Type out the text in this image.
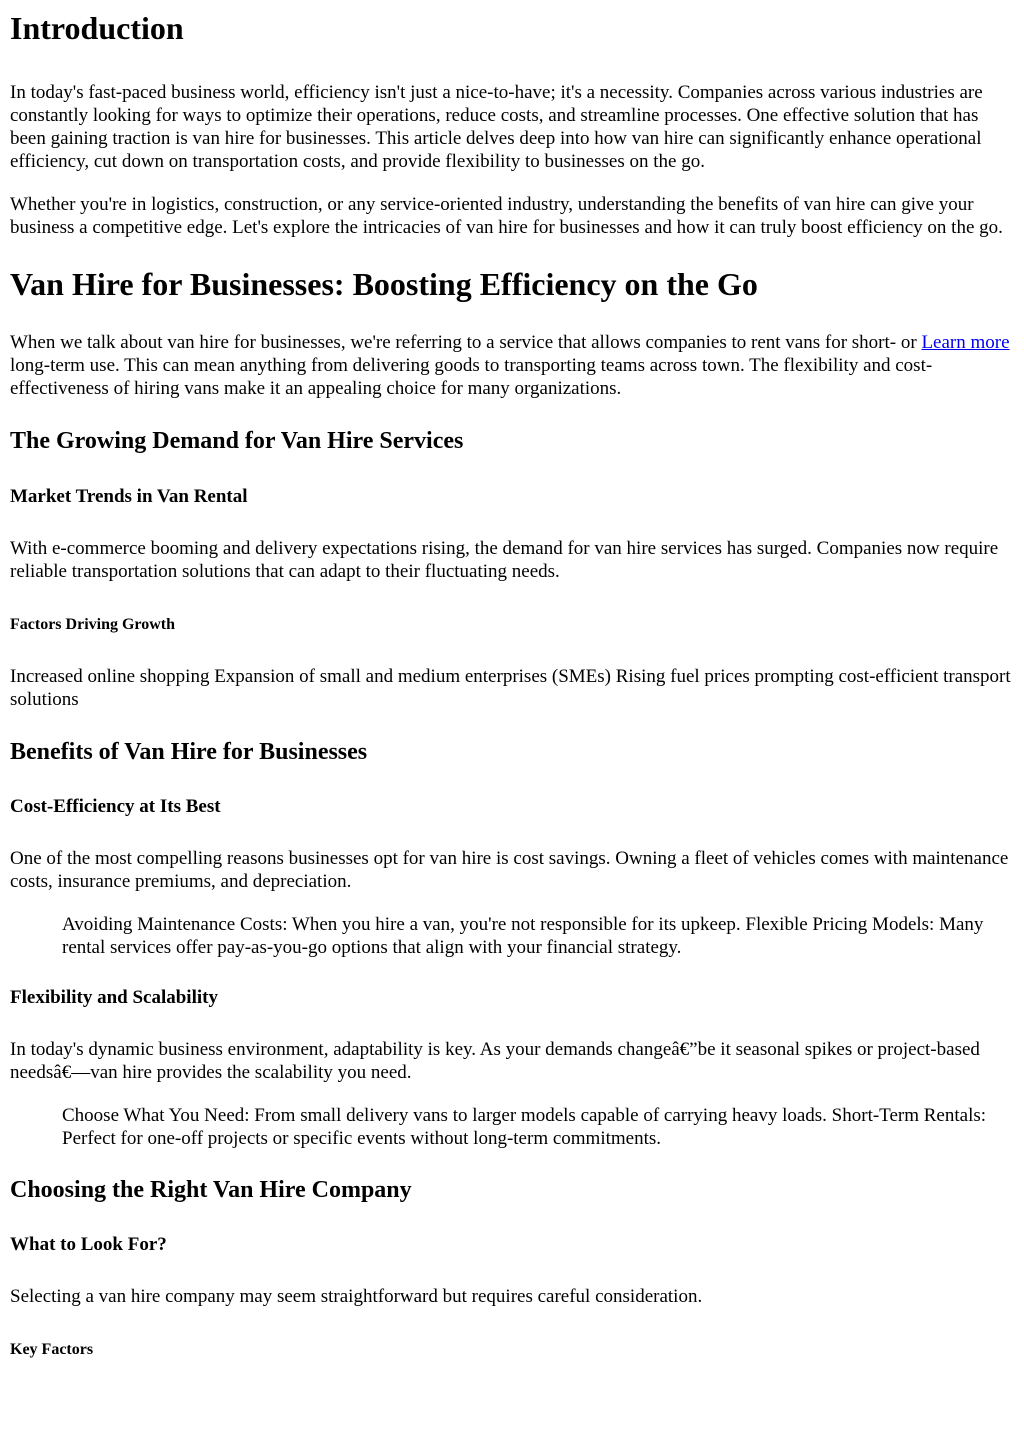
Introduction

In today's fast-paced business world, efficiency isn't just a nice-to-have; it's a necessity. Companies across various industries are constantly looking for ways to optimize their operations, reduce costs, and streamline processes. One effective solution that has been gaining traction is van hire for businesses. This article delves deep into how van hire can significantly enhance operational efficiency, cut down on transportation costs, and provide flexibility to businesses on the go.

Whether you're in logistics, construction, or any service-oriented industry, understanding the benefits of van hire can give your business a competitive edge. Let's explore the intricacies of van hire for businesses and how it can truly boost efficiency on the go.

Van Hire for Businesses: Boosting Efficiency on the Go

When we talk about van hire for businesses, we're referring to a service that allows companies to rent vans for short- or Learn more long-term use. This can mean anything from delivering goods to transporting teams across town. The flexibility and cost-effectiveness of hiring vans make it an appealing choice for many organizations.

The Growing Demand for Van Hire Services
Market Trends in Van Rental

With e-commerce booming and delivery expectations rising, the demand for van hire services has surged. Companies now require reliable transportation solutions that can adapt to their fluctuating needs.

Factors Driving Growth

Increased online shopping Expansion of small and medium enterprises (SMEs) Rising fuel prices prompting cost-efficient transport solutions

Benefits of Van Hire for Businesses
Cost-Efficiency at Its Best

One of the most compelling reasons businesses opt for van hire is cost savings. Owning a fleet of vehicles comes with maintenance costs, insurance premiums, and depreciation.

Avoiding Maintenance Costs: When you hire a van, you're not responsible for its upkeep. Flexible Pricing Models: Many rental services offer pay-as-you-go options that align with your financial strategy.
Flexibility and Scalability

In today's dynamic business environment, adaptability is key. As your demands changeâ€”be it seasonal spikes or project-based needsâ€—van hire provides the scalability you need.

Choose What You Need: From small delivery vans to larger models capable of carrying heavy loads. Short-Term Rentals: Perfect for one-off projects or specific events without long-term commitments.
Choosing the Right Van Hire Company
What to Look For?

Selecting a van hire company may seem straightforward but requires careful consideration.

Key Factors
